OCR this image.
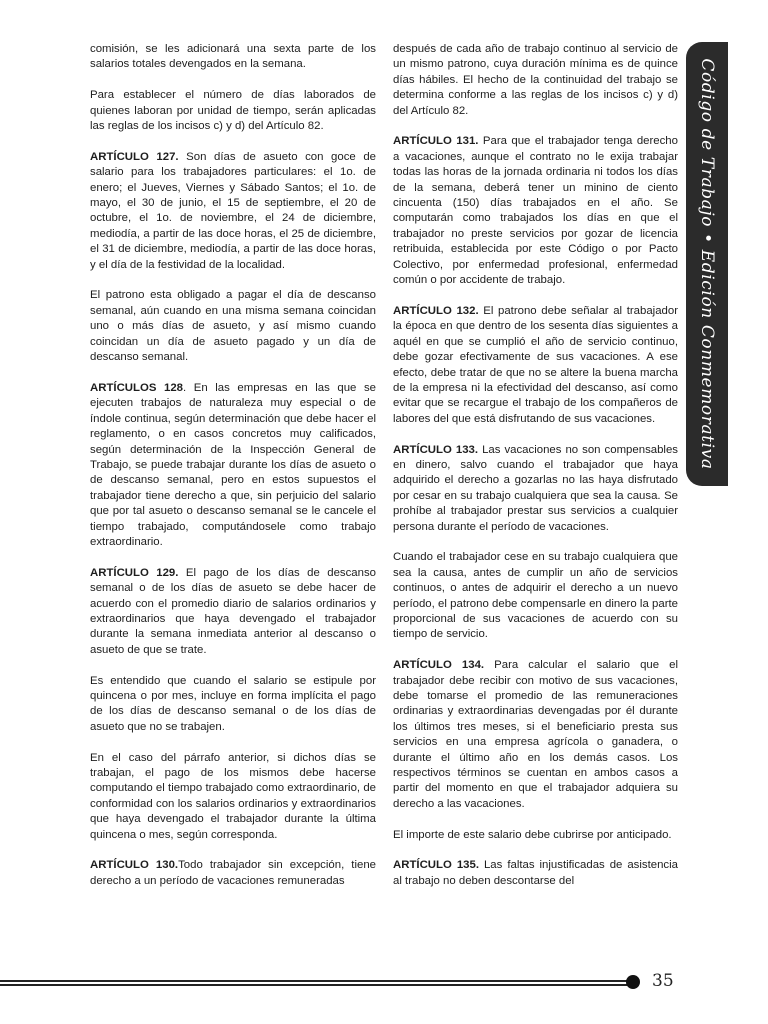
comisión, se les adicionará una sexta parte de los salarios totales devengados en la semana.

Para establecer el número de días laborados de quienes laboran por unidad de tiempo, serán aplicadas las reglas de los incisos c) y d) del Artículo 82.

ARTÍCULO 127. Son días de asueto con goce de salario para los trabajadores particulares: el 1o. de enero; el Jueves, Viernes y Sábado Santos; el 1o. de mayo, el 30 de junio, el 15 de septiembre, el 20 de octubre, el 1o. de noviembre, el 24 de diciembre, mediodía, a partir de las doce horas, el 25 de diciembre, el 31 de diciembre, mediodía, a partir de las doce horas, y el día de la festividad de la localidad.

El patrono esta obligado a pagar el día de descanso semanal, aún cuando en una misma semana coincidan uno o más días de asueto, y así mismo cuando coincidan un día de asueto pagado y un día de descanso semanal.

ARTÍCULOS 128. En las empresas en las que se ejecuten trabajos de naturaleza muy especial o de índole continua, según determinación que debe hacer el reglamento, o en casos concretos muy calificados, según determinación de la Inspección General de Trabajo, se puede trabajar durante los días de asueto o de descanso semanal, pero en estos supuestos el trabajador tiene derecho a que, sin perjuicio del salario que por tal asueto o descanso semanal se le cancele el tiempo trabajado, computándosele como trabajo extraordinario.

ARTÍCULO 129. El pago de los días de descanso semanal o de los días de asueto se debe hacer de acuerdo con el promedio diario de salarios ordinarios y extraordinarios que haya devengado el trabajador durante la semana inmediata anterior al descanso o asueto de que se trate.

Es entendido que cuando el salario se estipule por quincena o por mes, incluye en forma implícita el pago de los días de descanso semanal o de los días de asueto que no se trabajen.

En el caso del párrafo anterior, si dichos días se trabajan, el pago de los mismos debe hacerse computando el tiempo trabajado como extraordinario, de conformidad con los salarios ordinarios y extraordinarios que haya devengado el trabajador durante la última quincena o mes, según corresponda.

ARTÍCULO 130.Todo trabajador sin excepción, tiene derecho a un período de vacaciones remuneradas

después de cada año de trabajo continuo al servicio de un mismo patrono, cuya duración mínima es de quince días hábiles. El hecho de la continuidad del trabajo se determina conforme a las reglas de los incisos c) y d) del Artículo 82.

ARTÍCULO 131. Para que el trabajador tenga derecho a vacaciones, aunque el contrato no le exija trabajar todas las horas de la jornada ordinaria ni todos los días de la semana, deberá tener un minino de ciento cincuenta (150) días trabajados en el año. Se computarán como trabajados los días en que el trabajador no preste servicios por gozar de licencia retribuida, establecida por este Código o por Pacto Colectivo, por enfermedad profesional, enfermedad común o por accidente de trabajo.

ARTÍCULO 132. El patrono debe señalar al trabajador la época en que dentro de los sesenta días siguientes a aquél en que se cumplió el año de servicio continuo, debe gozar efectivamente de sus vacaciones. A ese efecto, debe tratar de que no se altere la buena marcha de la empresa ni la efectividad del descanso, así como evitar que se recargue el trabajo de los compañeros de labores del que está disfrutando de sus vacaciones.

ARTÍCULO 133. Las vacaciones no son compensables en dinero, salvo cuando el trabajador que haya adquirido el derecho a gozarlas no las haya disfrutado por cesar en su trabajo cualquiera que sea la causa. Se prohíbe al trabajador prestar sus servicios a cualquier persona durante el período de vacaciones.

Cuando el trabajador cese en su trabajo cualquiera que sea la causa, antes de cumplir un año de servicios continuos, o antes de adquirir el derecho a un nuevo período, el patrono debe compensarle en dinero la parte proporcional de sus vacaciones de acuerdo con su tiempo de servicio.

ARTÍCULO 134. Para calcular el salario que el trabajador debe recibir con motivo de sus vacaciones, debe tomarse el promedio de las remuneraciones ordinarias y extraordinarias devengadas por él durante los últimos tres meses, si el beneficiario presta sus servicios en una empresa agrícola o ganadera, o durante el último año en los demás casos. Los respectivos términos se cuentan en ambos casos a partir del momento en que el trabajador adquiera su derecho a las vacaciones.

El importe de este salario debe cubrirse por anticipado.

ARTÍCULO 135. Las faltas injustificadas de asistencia al trabajo no deben descontarse del

Código de Trabajo • Edición Conmemorativa
35
